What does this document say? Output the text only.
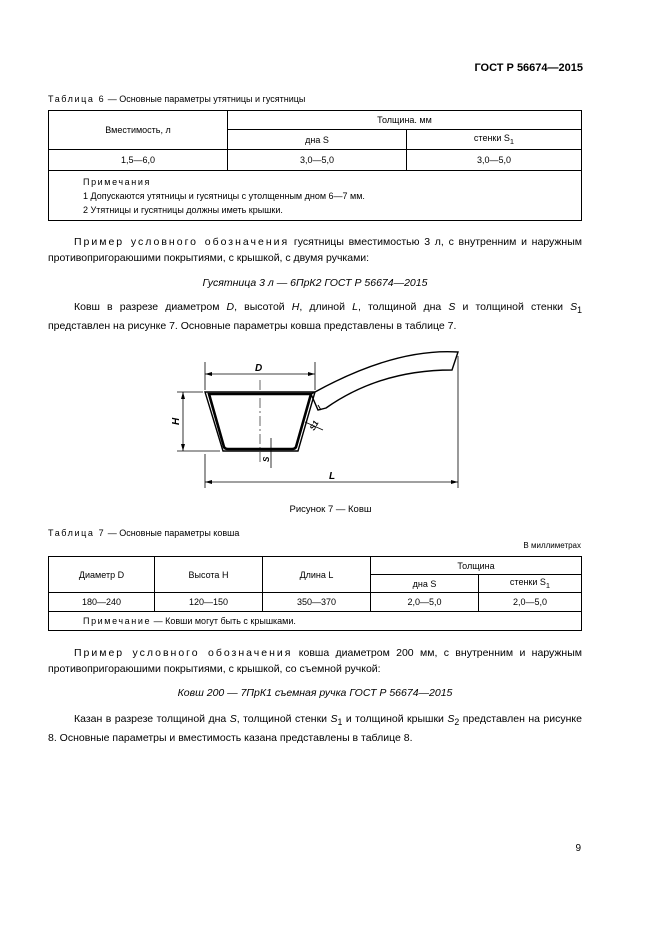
ГОСТ Р 56674—2015
Таблица 6 — Основные параметры утятницы и гусятницы
Вместимость, л	Толщина. мм	
	дна S	стенки $S_1$
1,5—6,0	3,0—5,0	3,0—5,0

Примечания
1 Допускаются утятницы и гусятницы с утолщенным дном 6—7 мм.
2 Утятницы и гусятницы должны иметь крышки.		
Пример условного обозначения гусятницы вместимостью 3 л, с внутренним и наружным противопригораюшими покрытиями, с крышкой, с двумя ручками:
Гусятница 3 л — 6ПрК2 ГОСТ Р 56674—2015
Ковш в разрезе диаметром D, высотой H, длиной L, толщиной дна S и толщиной стенки $S_1$ представлен на рисунке 7. Основные параметры ковша представлены в таблице 7.
D
H
L
S
S1
Рисунок 7 — Ковш
Таблица 7 — Основные параметры ковша
В миллиметрах
Диаметр D	Высота H	Длина L	Толщина	
			дна S	стенки $S_1$
180—240	120—150	350—370	2,0—5,0	2,0—5,0
Примечание — Ковши могут быть с крышками.				
Пример условного обозначения ковша диаметром 200 мм, с внутренним и наружным противопригораюшими покрытиями, с крышкой, со съемной ручкой:
Ковш 200 — 7ПрК1 съемная ручка ГОСТ Р 56674—2015
Казан в разрезе толщиной дна S, толщиной стенки $S_1$ и толщиной крышки $S_2$ представлен на рисунке 8. Основные параметры и вместимость казана представлены в таблице 8.
9
